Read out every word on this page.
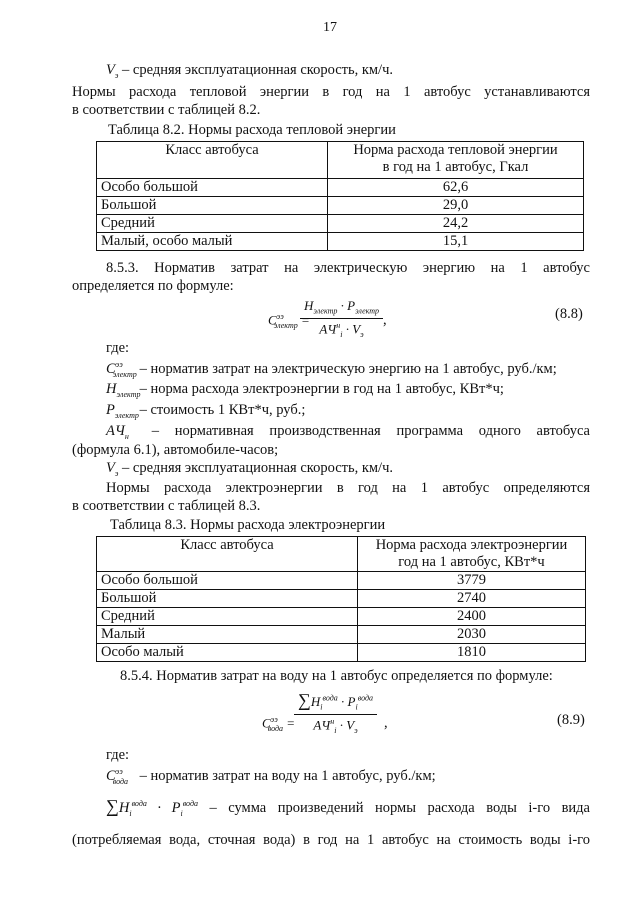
17
$V_э$ – средняя эксплуатационная скорость, км/ч.
Нормы расхода тепловой энергии в год на 1 автобус устанавливаются
в соответствии с таблицей 8.2.
Таблица 8.2. Нормы расхода тепловой энергии
Класс автобуса	Норма расхода тепловой энергии
в год на 1 автобус, Гкал
Особо большой	62,6
Большой	29,0
Средний	24,2
Малый, особо малый	15,1
8.5.3. Норматив затрат на электрическую энергию на 1 автобус
определяется по формуле:
$C^{ээ}_{электр}$ =
$H_{электр} \cdot P_{электр}$
$AЧ^н_i \cdot V_э$
,	(8.8)
где:
$C^{ээ}_{электр}$ – норматив затрат на электрическую энергию на 1 автобус, руб./км;
$H_{электр}$ – норма расхода электроэнергии в год на 1 автобус, КВт*ч;
$P_{электр}$ – стоимость 1 КВт*ч, руб.;
$AЧ_н$ – нормативная производственная программа одного автобуса
(формула 6.1), автомобиле-часов;
$V_э$ – средняя эксплуатационная скорость, км/ч.
Нормы расхода электроэнергии в год на 1 автобус определяются
в соответствии с таблицей 8.3.
Таблица 8.3. Нормы расхода электроэнергии
Класс автобуса	Норма расхода электроэнергии
год на 1 автобус, КВт*ч
Особо большой	3779
Большой	2740
Средний	2400
Малый	2030
Особо малый	1810
8.5.4. Норматив затрат на воду на 1 автобус определяется по формуле:
$C^{ээ}_{вода}$ =
$\sum H_i^{вода} \cdot P_i^{вода}$
$AЧ^н_i \cdot V_э$	,	(8.9)
где:
$C^{ээ}_{вода}$ – норматив затрат на воду на 1 автобус, руб./км;
$\sum H_i^{вода} \cdot P_i^{вода}$ – сумма произведений нормы расхода воды i-го вида
(потребляемая вода, сточная вода) в год на 1 автобус на стоимость воды i-го
